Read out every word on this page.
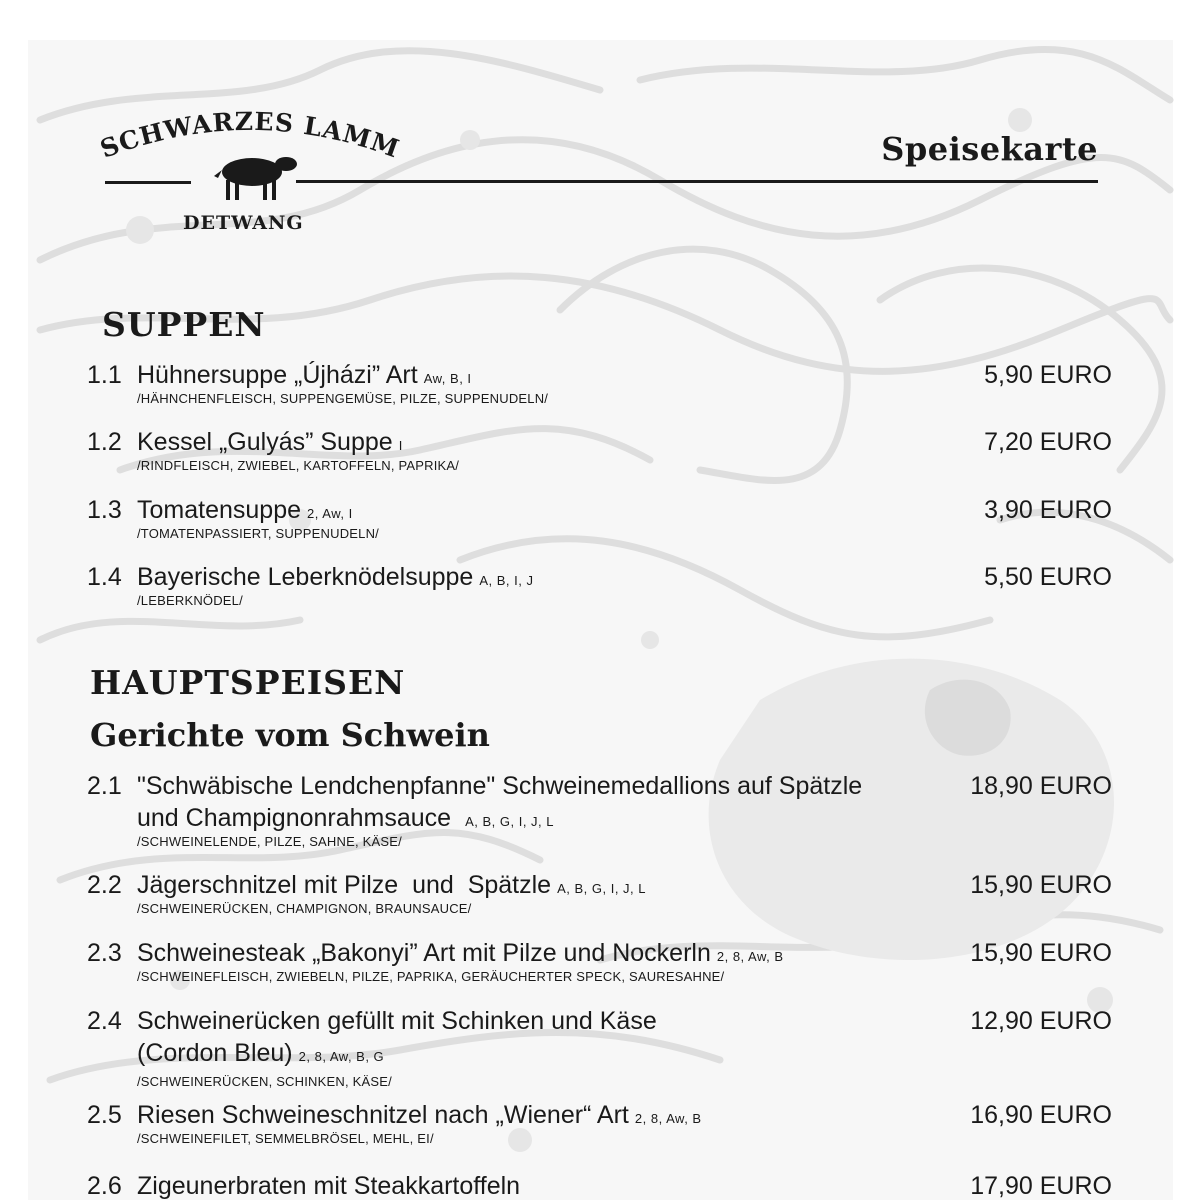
SCHWARZES LAMM
DETWANG
Speisekarte
SUPPEN
1.1 Hühnersuppe „Újházi” Art Aw, B, I
/HÄHNCHENFLEISCH, SUPPENGEMÜSE, PILZE, SUPPENUDELN/
5,90 EURO
1.2 Kessel „Gulyás” Suppe I
/RINDFLEISCH, ZWIEBEL, KARTOFFELN, PAPRIKA/
7,20 EURO
1.3 Tomatensuppe 2, Aw, I
/TOMATENPASSIERT, SUPPENUDELN/
3,90 EURO
1.4 Bayerische Leberknödelsuppe A, B, I, J
/LEBERKNÖDEL/
5,50 EURO
HAUPTSPEISEN
Gerichte vom Schwein
2.1 "Schwäbische Lendchenpfanne" Schweinemedallions auf Spätzle und Champignonrahmsauce A, B, G, I, J, L
/SCHWEINELENDE, PILZE, SAHNE, KÄSE/
18,90 EURO
2.2 Jägerschnitzel mit Pilze  und  Spätzle A, B, G, I, J, L
/SCHWEINERÜCKEN, CHAMPIGNON, BRAUNSAUCE/
15,90 EURO
2.3 Schweinesteak „Bakonyi” Art mit Pilze und Nockerln 2, 8, Aw, B
/SCHWEINEFLEISCH, ZWIEBELN, PILZE, PAPRIKA, GERÄUCHERTER SPECK, SAURESAHNE/
15,90 EURO
2.4 Schweinerücken gefüllt mit Schinken und Käse (Cordon Bleu) 2, 8, Aw, B, G
/SCHWEINERÜCKEN, SCHINKEN, KÄSE/
12,90 EURO
2.5 Riesen Schweineschnitzel nach „Wiener“ Art 2, 8, Aw, B
/SCHWEINEFILET, SEMMELBRÖSEL, MEHL, EI/
16,90 EURO
2.6 Zigeunerbraten mit Steakkartoffeln	17,90 EURO
